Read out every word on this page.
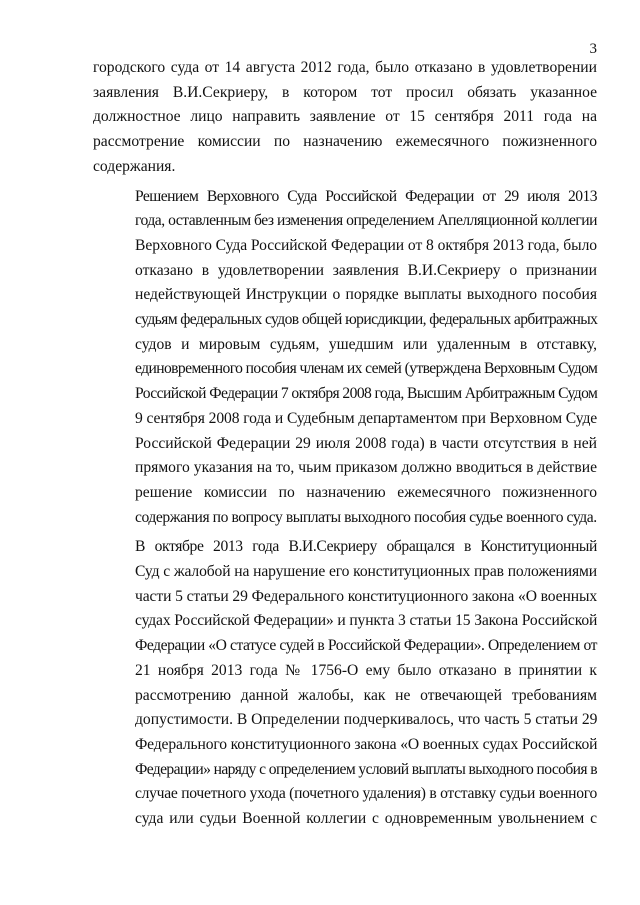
3

городского суда от 14 августа 2012 года, было отказано в удовлетворении
заявления В.И.Секриеру, в котором тот просил обязать указанное
должностное лицо направить заявление от 15 сентября 2011 года на
рассмотрение комиссии по назначению ежемесячного пожизненного
содержания.

Решением Верховного Суда Российской Федерации от 29 июля 2013
года, оставленным без изменения определением Апелляционной коллегии
Верховного Суда Российской Федерации от 8 октября 2013 года, было
отказано в удовлетворении заявления В.И.Секриеру о признании
недействующей Инструкции о порядке выплаты выходного пособия
судьям федеральных судов общей юрисдикции, федеральных арбитражных
судов и мировым судьям, ушедшим или удаленным в отставку,
единовременного пособия членам их семей (утверждена Верховным Судом
Российской Федерации 7 октября 2008 года, Высшим Арбитражным Судом
9 сентября 2008 года и Судебным департаментом при Верховном Суде
Российской Федерации 29 июля 2008 года) в части отсутствия в ней
прямого указания на то, чьим приказом должно вводиться в действие
решение комиссии по назначению ежемесячного пожизненного
содержания по вопросу выплаты выходного пособия судье военного суда.

В октябре 2013 года В.И.Секриеру обращался в Конституционный
Суд с жалобой на нарушение его конституционных прав положениями
части 5 статьи 29 Федерального конституционного закона «О военных
судах Российской Федерации» и пункта 3 статьи 15 Закона Российской
Федерации «О статусе судей в Российской Федерации». Определением от
21 ноября 2013 года № 1756-О ему было отказано в принятии к
рассмотрению данной жалобы, как не отвечающей требованиям
допустимости. В Определении подчеркивалось, что часть 5 статьи 29
Федерального конституционного закона «О военных судах Российской
Федерации» наряду с определением условий выплаты выходного пособия в
случае почетного ухода (почетного удаления) в отставку судьи военного
суда или судьи Военной коллегии с одновременным увольнением с
